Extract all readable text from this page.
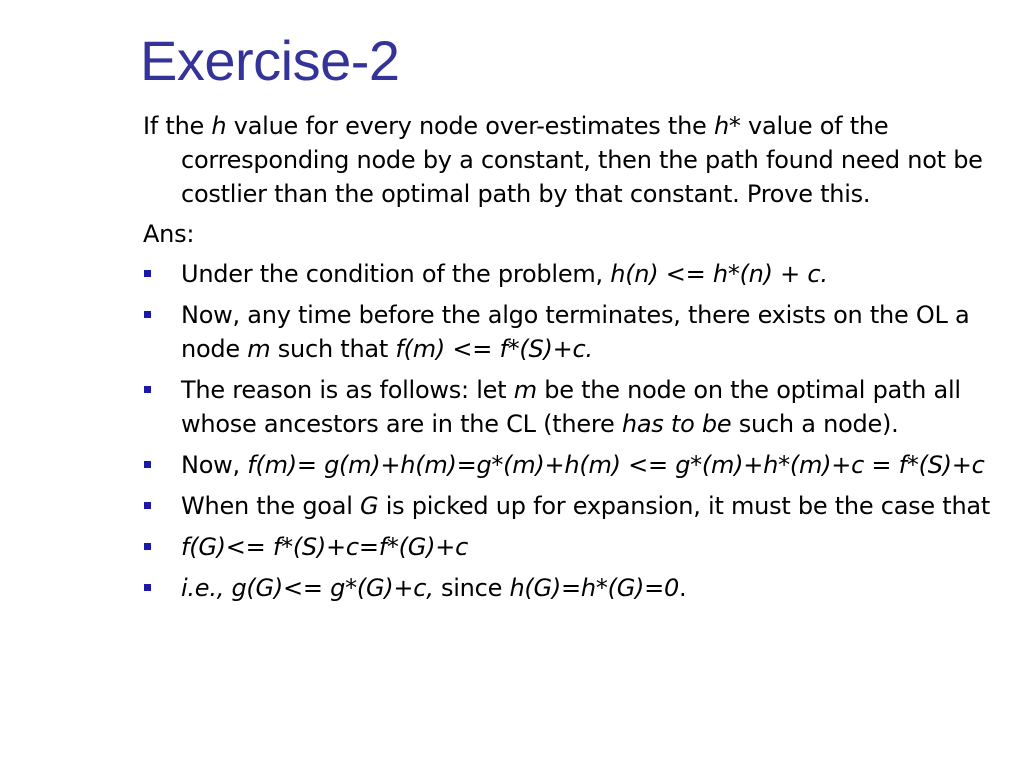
Exercise-2
If the h value for every node over-estimates the h* value of the corresponding node by a constant, then the path found need not be costlier than the optimal path by that constant. Prove this.
Ans:
Under the condition of the problem, h(n) <= h*(n) + c.
Now, any time before the algo terminates, there exists on the OL a node m such that f(m) <= f*(S)+c.
The reason is as follows: let m be the node on the optimal path all whose ancestors are in the CL (there has to be such a node).
Now, f(m)= g(m)+h(m)=g*(m)+h(m) <= g*(m)+h*(m)+c = f*(S)+c
When the goal G is picked up for expansion, it must be the case that
f(G)<= f*(S)+c=f*(G)+c
i.e., g(G)<= g*(G)+c, since h(G)=h*(G)=0.
